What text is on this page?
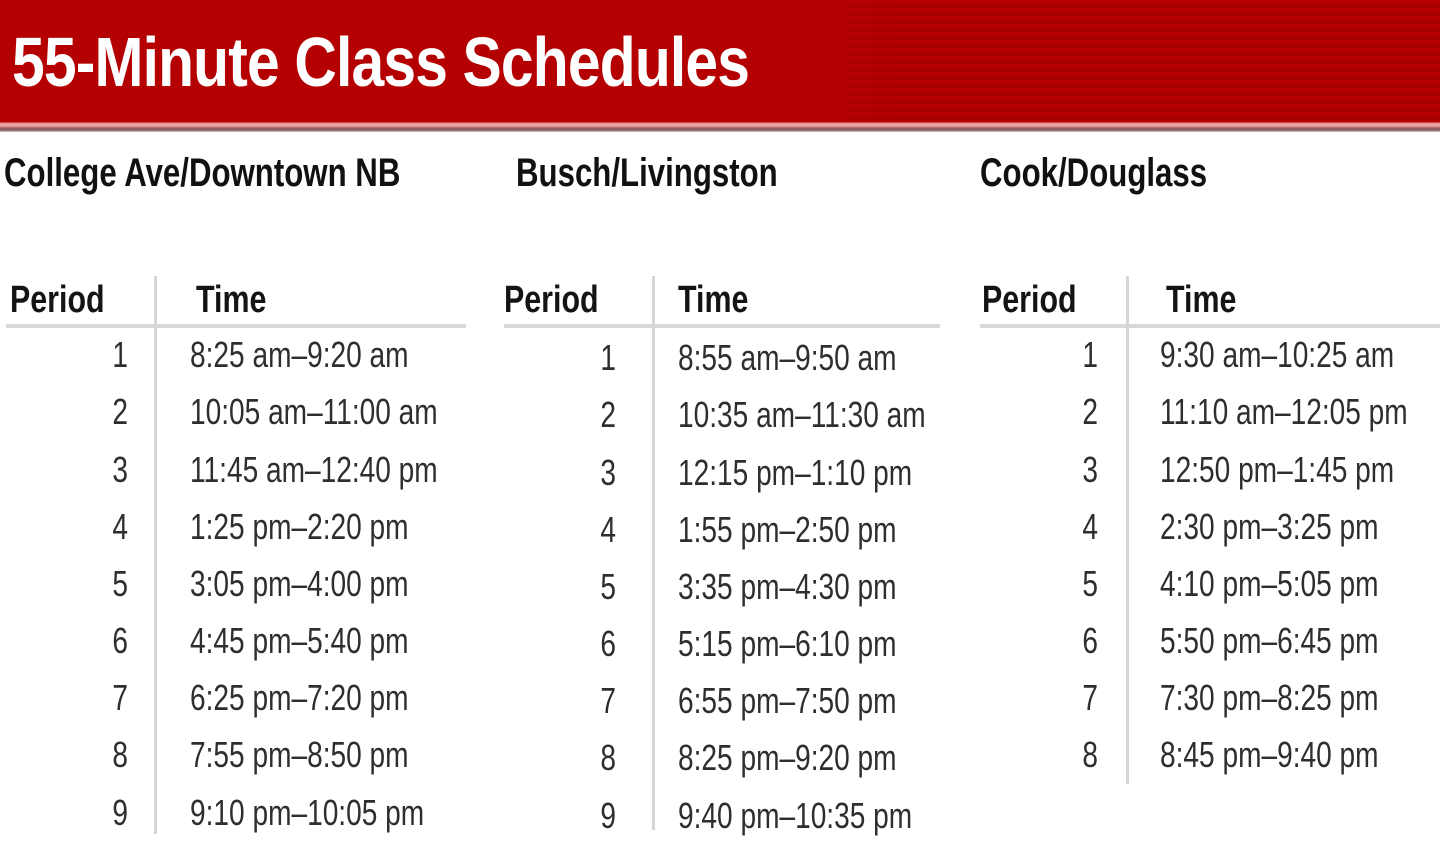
55-Minute Class Schedules
College Ave/Downtown NB	Busch/Livingston	Cook/Douglass
Period Time
1 8:25 am–9:20 am
2 10:05 am–11:00 am
3 11:45 am–12:40 pm
4 1:25 pm–2:20 pm
5 3:05 pm–4:00 pm
6 4:45 pm–5:40 pm
7 6:25 pm–7:20 pm
8 7:55 pm–8:50 pm
9 9:10 pm–10:05 pm
Period Time
1 8:55 am–9:50 am
2 10:35 am–11:30 am
3 12:15 pm–1:10 pm
4 1:55 pm–2:50 pm
5 3:35 pm–4:30 pm
6 5:15 pm–6:10 pm
7 6:55 pm–7:50 pm
8 8:25 pm–9:20 pm
9 9:40 pm–10:35 pm
Period Time
1 9:30 am–10:25 am
2 11:10 am–12:05 pm
3 12:50 pm–1:45 pm
4 2:30 pm–3:25 pm
5 4:10 pm–5:05 pm
6 5:50 pm–6:45 pm
7 7:30 pm–8:25 pm
8 8:45 pm–9:40 pm
